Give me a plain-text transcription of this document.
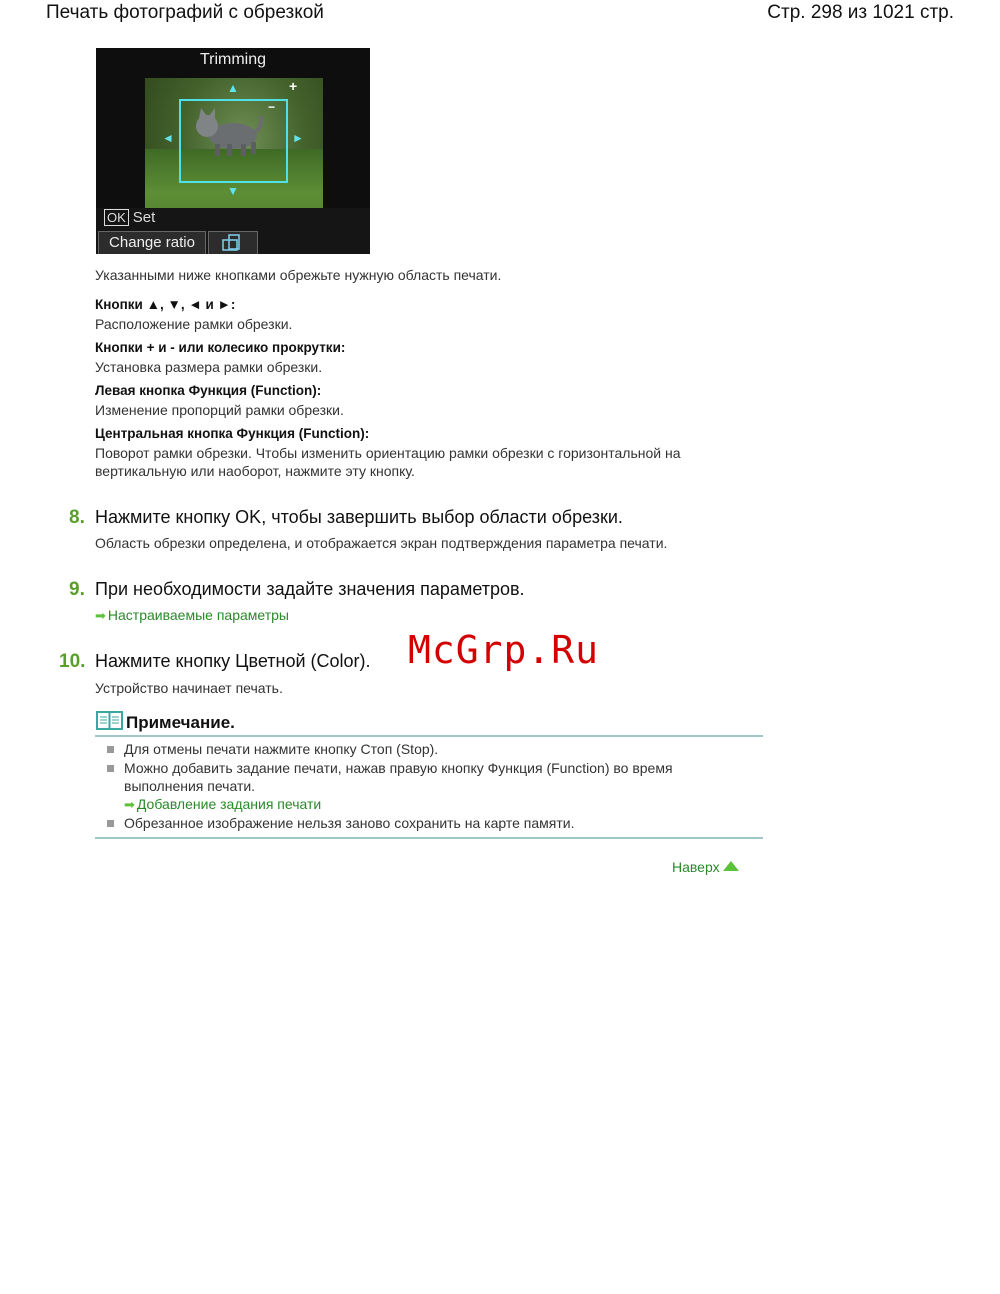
Печать фотографий с обрезкой	Стр. 298 из 1021 стр.
Trimming
▲
▼
◄	►
+
−
OK Set
Change ratio
Указанными ниже кнопками обрежьте нужную область печати.
Кнопки ▲, ▼, ◄ и ►:
Расположение рамки обрезки.
Кнопки + и - или колесико прокрутки:
Установка размера рамки обрезки.
Левая кнопка Функция (Function):
Изменение пропорций рамки обрезки.
Центральная кнопка Функция (Function):
Поворот рамки обрезки. Чтобы изменить ориентацию рамки обрезки с горизонтальной на
вертикальную или наоборот, нажмите эту кнопку.
8. Нажмите кнопку OK, чтобы завершить выбор области обрезки.
Область обрезки определена, и отображается экран подтверждения параметра печати.
9. При необходимости задайте значения параметров.
➡ Настраиваемые параметры
10. Нажмите кнопку Цветной (Color).
Устройство начинает печать.
McGrp.Ru
Примечание.
Для отмены печати нажмите кнопку Стоп (Stop).
Можно добавить задание печати, нажав правую кнопку Функция (Function) во время
выполнения печати.
➡ Добавление задания печати
Обрезанное изображение нельзя заново сохранить на карте памяти.
Наверх
